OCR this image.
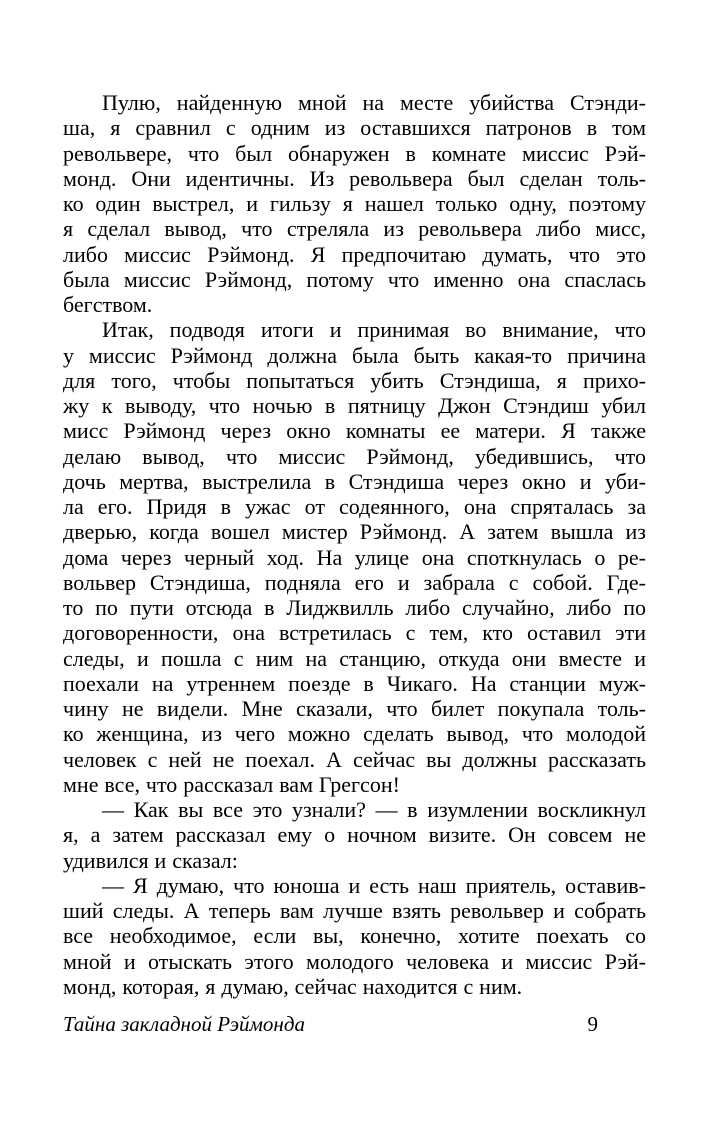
Пулю, найденную мной на месте убийства Стэнди-
ша, я сравнил с одним из оставшихся патронов в том
револьвере, что был обнаружен в комнате миссис Рэй-
монд. Они идентичны. Из револьвера был сделан толь-
ко один выстрел, и гильзу я нашел только одну, поэтому
я сделал вывод, что стреляла из револьвера либо мисс,
либо миссис Рэймонд. Я предпочитаю думать, что это
была миссис Рэймонд, потому что именно она спаслась
бегством.
Итак, подводя итоги и принимая во внимание, что
у миссис Рэймонд должна была быть какая-то причина
для того, чтобы попытаться убить Стэндиша, я прихо-
жу к выводу, что ночью в пятницу Джон Стэндиш убил
мисс Рэймонд через окно комнаты ее матери. Я также
делаю вывод, что миссис Рэймонд, убедившись, что
дочь мертва, выстрелила в Стэндиша через окно и уби-
ла его. Придя в ужас от содеянного, она спряталась за
дверью, когда вошел мистер Рэймонд. А затем вышла из
дома через черный ход. На улице она споткнулась о ре-
вольвер Стэндиша, подняла его и забрала с собой. Где-
то по пути отсюда в Лиджвилль либо случайно, либо по
договоренности, она встретилась с тем, кто оставил эти
следы, и пошла с ним на станцию, откуда они вместе и
поехали на утреннем поезде в Чикаго. На станции муж-
чину не видели. Мне сказали, что билет покупала толь-
ко женщина, из чего можно сделать вывод, что молодой
человек с ней не поехал. А сейчас вы должны рассказать
мне все, что рассказал вам Грегсон!
— Как вы все это узнали? — в изумлении воскликнул
я, а затем рассказал ему о ночном визите. Он совсем не
удивился и сказал:
— Я думаю, что юноша и есть наш приятель, оставив-
ший следы. А теперь вам лучше взять револьвер и собрать
все необходимое, если вы, конечно, хотите поехать со
мной и отыскать этого молодого человека и миссис Рэй-
монд, которая, я думаю, сейчас находится с ним.
Тайна закладной Рэймонда	9
